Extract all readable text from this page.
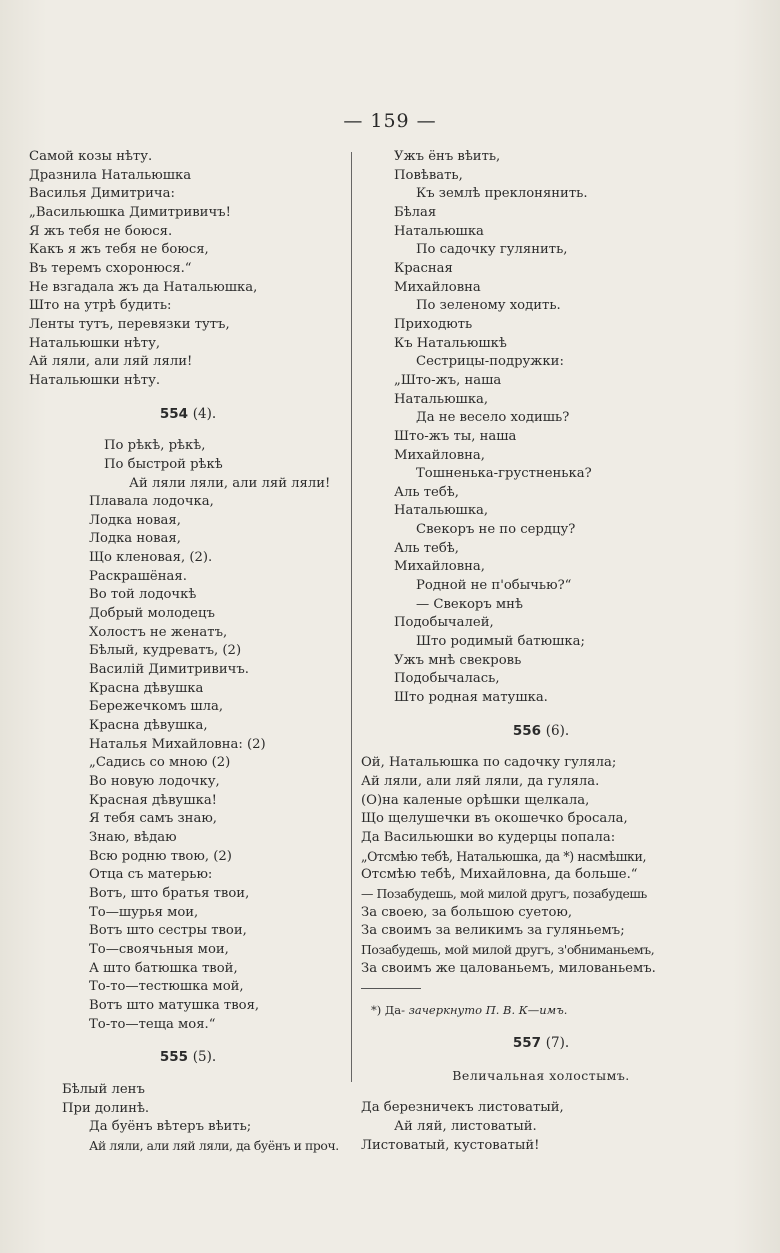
— 159 —
Самой козы нѣту.
Дразнила Натальюшка
Василья Димитрича:
„Васильюшка Димитривичъ!
Я жъ тебя не боюся.
Какъ я жъ тебя не боюся,
Въ теремъ схоронюся.“
Не взгадала жъ да Натальюшка,
Што на утрѣ будить:
Ленты тутъ, перевязки тутъ,
Натальюшки нѣту,
Ай ляли, али ляй ляли!
Натальюшки нѣту.
554 (4).
По рѣкѣ, рѣкѣ,
По быстрой рѣкѣ
Ай ляли ляли, али ляй ляли!
Плавала лодочка,
Лодка новая,
Лодка новая,
Що кленовая, (2).
Раскрашёная.
Во той лодочкѣ
Добрый молодецъ
Холостъ не женатъ,
Бѣлый, кудреватъ, (2)
Василій Димитривичъ.
Красна дѣвушка
Бережечкомъ шла,
Красна дѣвушка,
Наталья Михайловна: (2)
„Садись со мною (2)
Во новую лодочку,
Красная дѣвушка!
Я тебя самъ знаю,
Знаю, вѣдаю
Всю родню твою, (2)
Отца съ матерью:
Вотъ, што братья твои,
То—шурья мои,
Вотъ што сестры твои,
То—своячьныя мои,
А што батюшка твой,
То-то—тестюшка мой,
Вотъ што матушка твоя,
То-то—теща моя.“
555 (5).
Бѣлый ленъ
При долинѣ.
Да буёнъ вѣтеръ вѣить;
Ай ляли, али ляй ляли, да буёнъ и проч.
Ужъ ёнъ вѣить,
Повѣвать,
Къ землѣ преклонянить.
Бѣлая
Натальюшка
По садочку гулянить,
Красная
Михайловна
По зеленому ходить.
Приходють
Къ Натальюшкѣ
Сестрицы-подружки:
„Што-жъ, наша
Натальюшка,
Да не весело ходишь?
Што-жъ ты, наша
Михайловна,
Тошненька-грустненька?
Аль тебѣ,
Натальюшка,
Свекоръ не по сердцу?
Аль тебѣ,
Михайловна,
Родной не п'обычью?“
— Свекоръ мнѣ
Подобычалей,
Што родимый батюшка;
Ужъ мнѣ свекровь
Подобычалась,
Што родная матушка.
556 (6).
Ой, Натальюшка по садочку гуляла;
Ай ляли, али ляй ляли, да гуляла.
(О)на каленые орѣшки щелкала,
Що щелушечки въ окошечко бросала,
Да Васильюшки во кудерцы попала:
„Отсмѣю тебѣ, Натальюшка, да *) насмѣшки,
Отсмѣю тебѣ, Михайловна, да больше.“
— Позабудешь, мой милой другъ, позабудешь
За своею, за большою суетою,
За своимъ за великимъ за гуляньемъ;
Позабудешь, мой милой другъ, з'обниманьемъ,
За своимъ же цалованьемъ, милованьемъ.
*) Да- зачеркнуто П. В. К—имъ.
557 (7).
Величальная холостымъ.
Да березничекъ листоватый,
Ай ляй, листоватый.
Листоватый, кустоватый!
